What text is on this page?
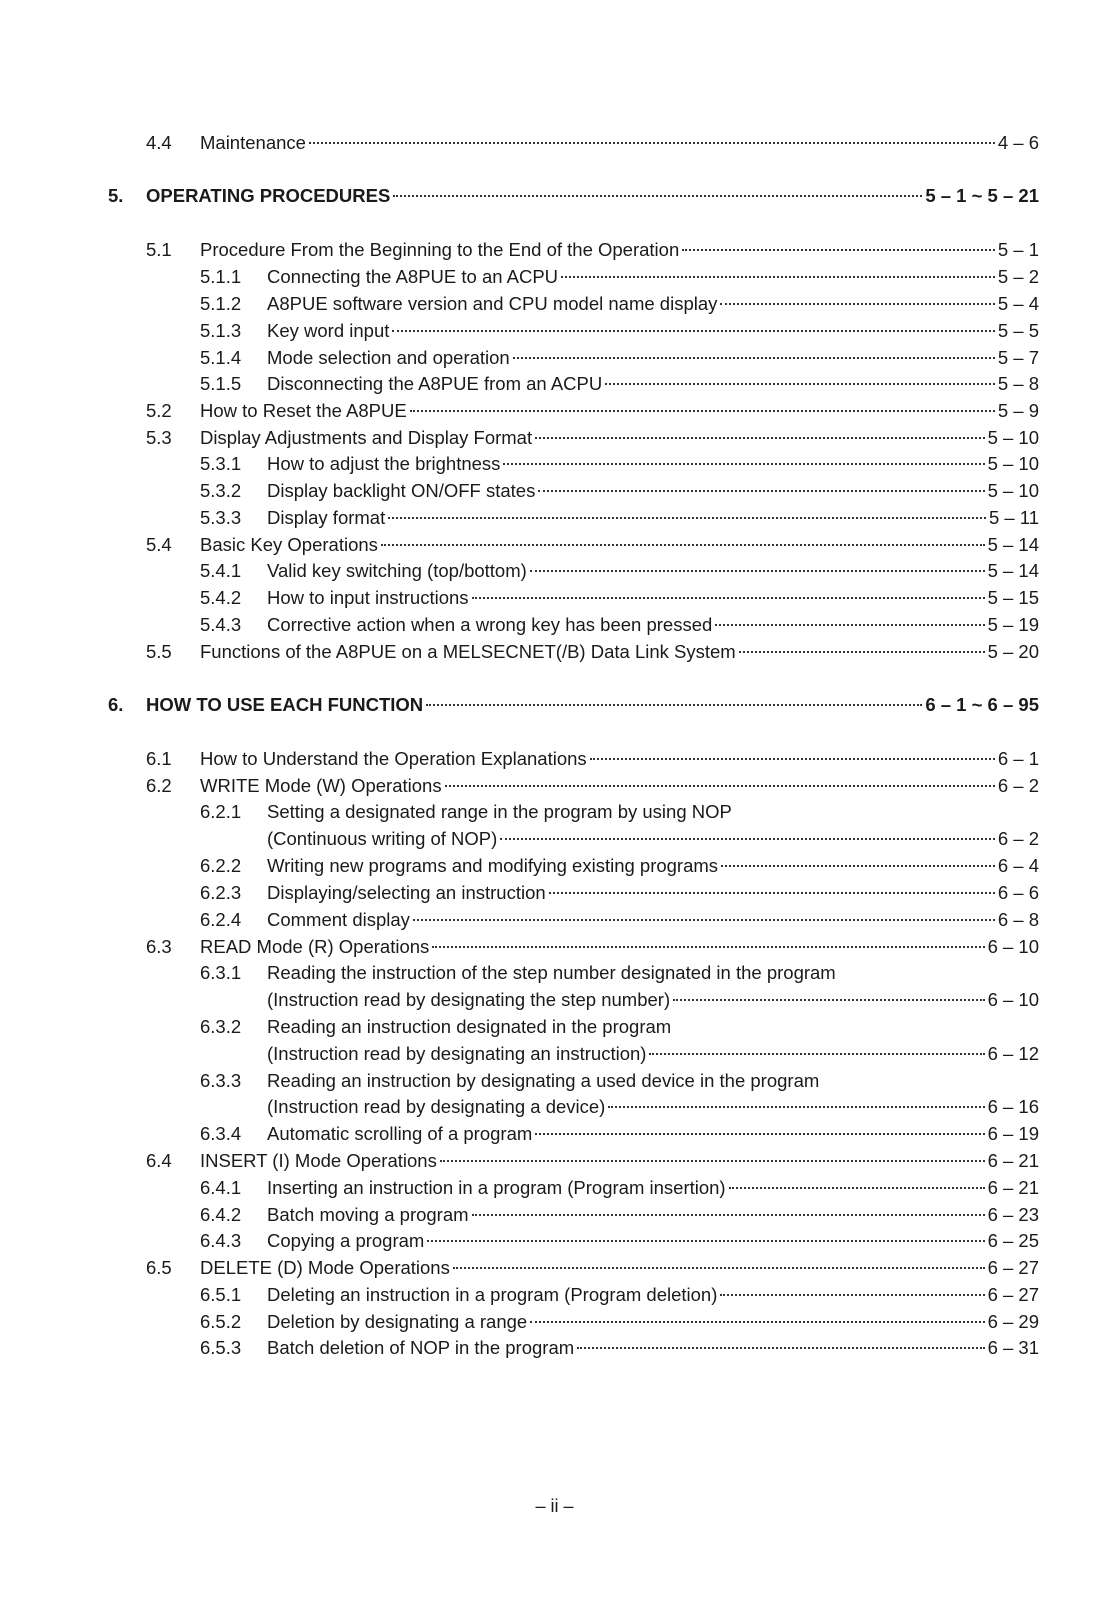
4.4 Maintenance	4 – 6
5. OPERATING PROCEDURES	5 – 1 ~ 5 – 21
5.1 Procedure From the Beginning to the End of the Operation	5 – 1
5.1.1 Connecting the A8PUE to an ACPU	5 – 2
5.1.2 A8PUE software version and CPU model name display	5 – 4
5.1.3 Key word input	5 – 5
5.1.4 Mode selection and operation	5 – 7
5.1.5 Disconnecting the A8PUE from an ACPU	5 – 8
5.2 How to Reset the A8PUE	5 – 9
5.3 Display Adjustments and Display Format	5 – 10
5.3.1 How to adjust the brightness	5 – 10
5.3.2 Display backlight ON/OFF states	5 – 10
5.3.3 Display format	5 – 11
5.4 Basic Key Operations	5 – 14
5.4.1 Valid key switching (top/bottom)	5 – 14
5.4.2 How to input instructions	5 – 15
5.4.3 Corrective action when a wrong key has been pressed	5 – 19
5.5 Functions of the A8PUE on a MELSECNET(/B) Data Link System	5 – 20
6. HOW TO USE EACH FUNCTION	6 – 1 ~ 6 – 95
6.1 How to Understand the Operation Explanations	6 – 1
6.2 WRITE Mode (W) Operations	6 – 2
6.2.1 Setting a designated range in the program by using NOP
(Continuous writing of NOP)	6 – 2
6.2.2 Writing new programs and modifying existing programs	6 – 4
6.2.3 Displaying/selecting an instruction	6 – 6
6.2.4 Comment display	6 – 8
6.3 READ Mode (R) Operations	6 – 10
6.3.1 Reading the instruction of the step number designated in the program
(Instruction read by designating the step number)	6 – 10
6.3.2 Reading an instruction designated in the program
(Instruction read by designating an instruction)	6 – 12
6.3.3 Reading an instruction by designating a used device in the program
(Instruction read by designating a device)	6 – 16
6.3.4 Automatic scrolling of a program	6 – 19
6.4 INSERT (I) Mode Operations	6 – 21
6.4.1 Inserting an instruction in a program (Program insertion)	6 – 21
6.4.2 Batch moving a program	6 – 23
6.4.3 Copying a program	6 – 25
6.5 DELETE (D) Mode Operations	6 – 27
6.5.1 Deleting an instruction in a program (Program deletion)	6 – 27
6.5.2 Deletion by designating a range	6 – 29
6.5.3 Batch deletion of NOP in the program	6 – 31
– ii –
